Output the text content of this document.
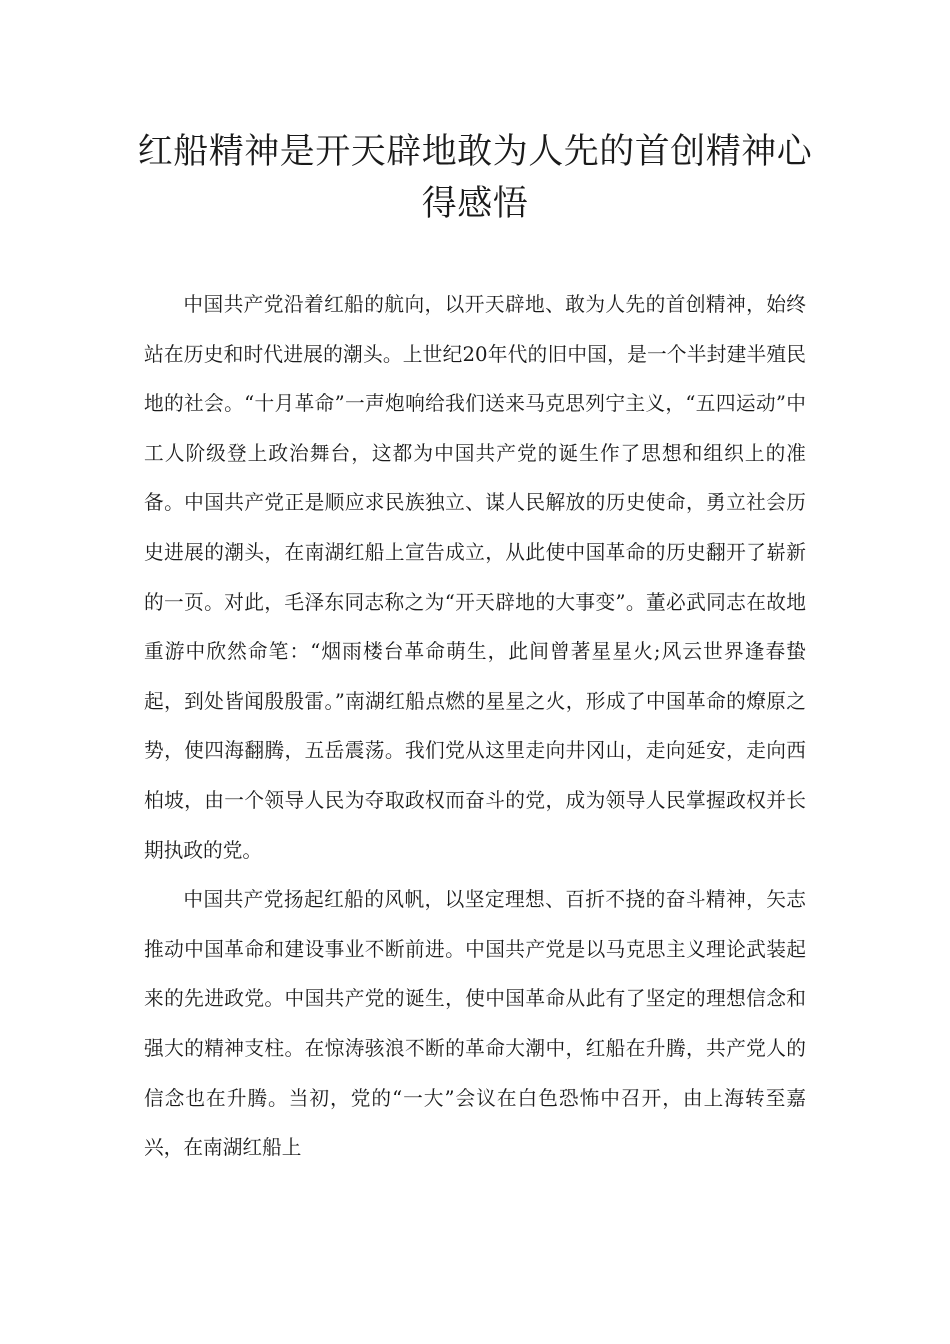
红船精神是开天辟地敢为人先的首创精神心得感悟

中国共产党沿着红船的航向，以开天辟地、敢为人先的首创精神，始终站在历史和时代进展的潮头。上世纪20年代的旧中国，是一个半封建半殖民地的社会。“十月革命”一声炮响给我们送来马克思列宁主义，“五四运动”中工人阶级登上政治舞台，这都为中国共产党的诞生作了思想和组织上的准备。中国共产党正是顺应求民族独立、谋人民解放的历史使命，勇立社会历史进展的潮头，在南湖红船上宣告成立，从此使中国革命的历史翻开了崭新的一页。对此，毛泽东同志称之为“开天辟地的大事变”。董必武同志在故地重游中欣然命笔：“烟雨楼台革命萌生，此间曾著星星火;风云世界逢春蛰起，到处皆闻殷殷雷。”南湖红船点燃的星星之火，形成了中国革命的燎原之势，使四海翻腾，五岳震荡。我们党从这里走向井冈山，走向延安，走向西柏坡，由一个领导人民为夺取政权而奋斗的党，成为领导人民掌握政权并长期执政的党。

中国共产党扬起红船的风帆，以坚定理想、百折不挠的奋斗精神，矢志推动中国革命和建设事业不断前进。中国共产党是以马克思主义理论武装起来的先进政党。中国共产党的诞生，使中国革命从此有了坚定的理想信念和强大的精神支柱。在惊涛骇浪不断的革命大潮中，红船在升腾，共产党人的信念也在升腾。当初，党的“一大”会议在白色恐怖中召开，由上海转至嘉兴，在南湖红船上
